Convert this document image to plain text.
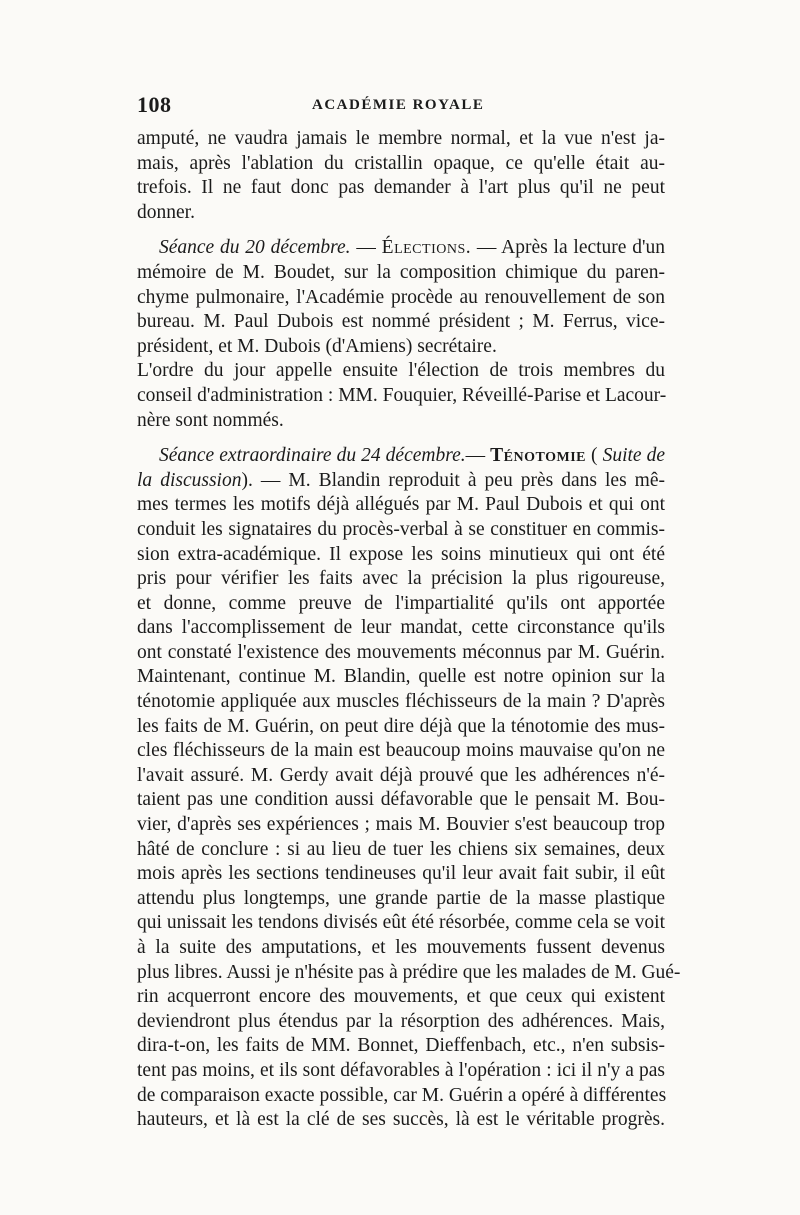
108	ACADÉMIE ROYALE
amputé, ne vaudra jamais le membre normal, et la vue n'est ja-
mais, après l'ablation du cristallin opaque, ce qu'elle était au-
trefois. Il ne faut donc pas demander à l'art plus qu'il ne peut
donner.
Séance du 20 décembre. — Élections. — Après la lecture d'un
mémoire de M. Boudet, sur la composition chimique du paren-
chyme pulmonaire, l'Académie procède au renouvellement de son
bureau. M. Paul Dubois est nommé président ; M. Ferrus, vice-
président, et M. Dubois (d'Amiens) secrétaire.
L'ordre du jour appelle ensuite l'élection de trois membres du
conseil d'administration : MM. Fouquier, Réveillé-Parise et Lacour-
nère sont nommés.
Séance extraordinaire du 24 décembre.— Ténotomie ( Suite de
la discussion). — M. Blandin reproduit à peu près dans les mê-
mes termes les motifs déjà allégués par M. Paul Dubois et qui ont
conduit les signataires du procès-verbal à se constituer en commis-
sion extra-académique. Il expose les soins minutieux qui ont été
pris pour vérifier les faits avec la précision la plus rigoureuse,
et donne, comme preuve de l'impartialité qu'ils ont apportée
dans l'accomplissement de leur mandat, cette circonstance qu'ils
ont constaté l'existence des mouvements méconnus par M. Guérin.
Maintenant, continue M. Blandin, quelle est notre opinion sur la
ténotomie appliquée aux muscles fléchisseurs de la main ? D'après
les faits de M. Guérin, on peut dire déjà que la ténotomie des mus-
cles fléchisseurs de la main est beaucoup moins mauvaise qu'on ne
l'avait assuré. M. Gerdy avait déjà prouvé que les adhérences n'é-
taient pas une condition aussi défavorable que le pensait M. Bou-
vier, d'après ses expériences ; mais M. Bouvier s'est beaucoup trop
hâté de conclure : si au lieu de tuer les chiens six semaines, deux
mois après les sections tendineuses qu'il leur avait fait subir, il eût
attendu plus longtemps, une grande partie de la masse plastique
qui unissait les tendons divisés eût été résorbée, comme cela se voit
à la suite des amputations, et les mouvements fussent devenus
plus libres. Aussi je n'hésite pas à prédire que les malades de M. Gué-
rin acquerront encore des mouvements, et que ceux qui existent
deviendront plus étendus par la résorption des adhérences. Mais,
dira-t-on, les faits de MM. Bonnet, Dieffenbach, etc., n'en subsis-
tent pas moins, et ils sont défavorables à l'opération : ici il n'y a pas
de comparaison exacte possible, car M. Guérin a opéré à différentes
hauteurs, et là est la clé de ses succès, là est le véritable progrès.
